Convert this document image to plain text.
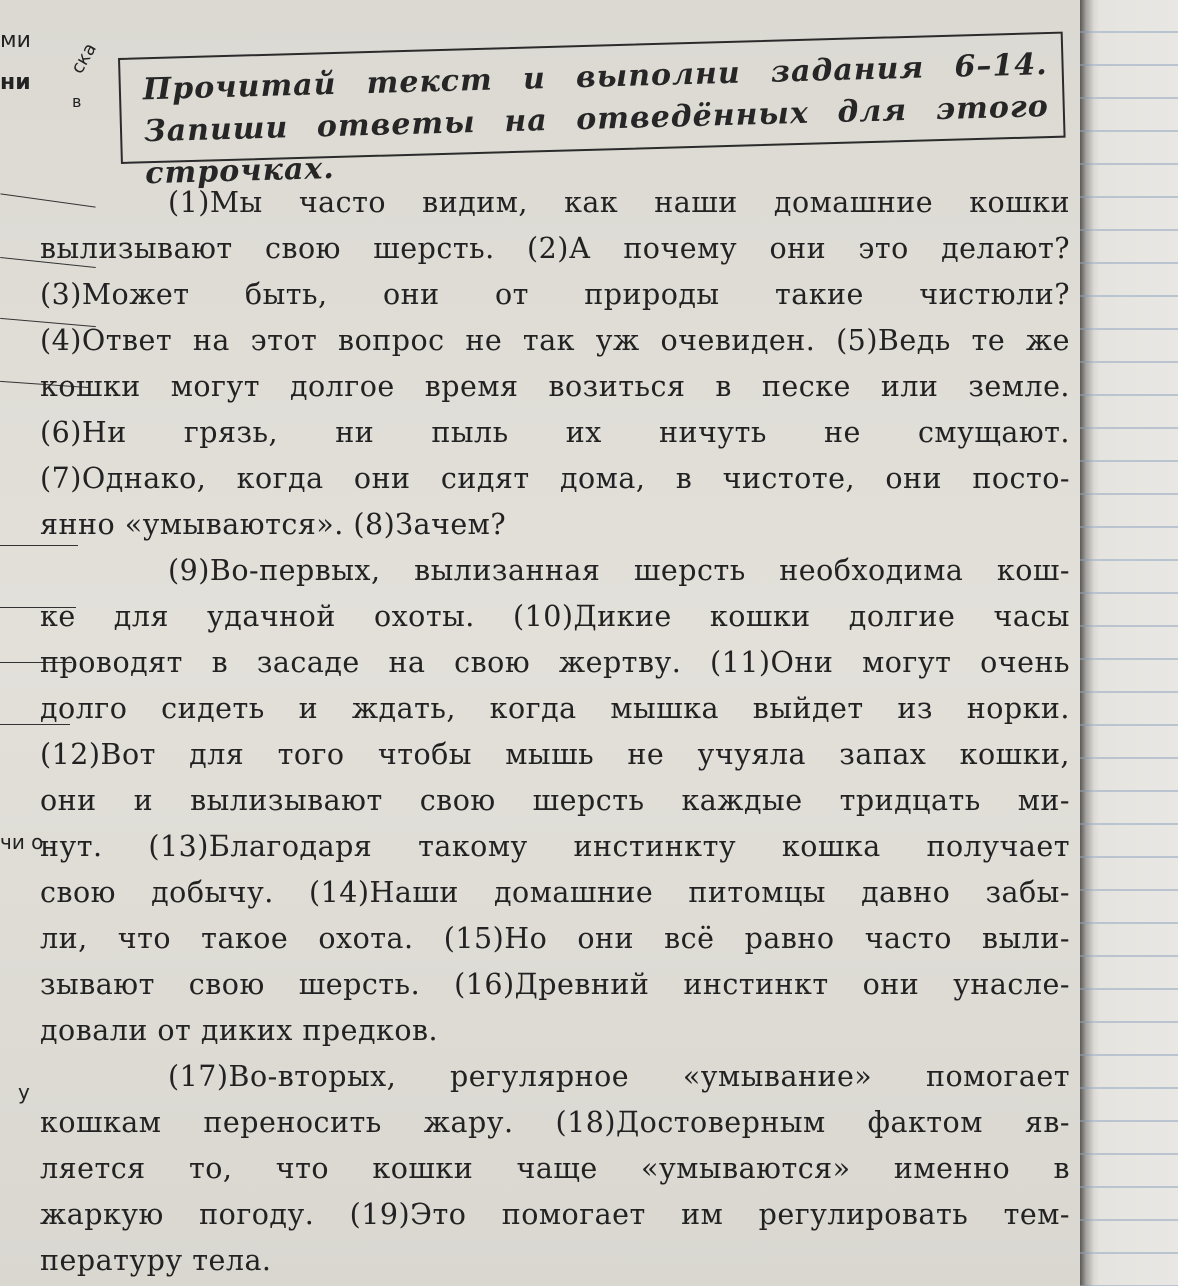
ми ска
ни
в
чи о
у
Прочитай текст и выполни задания 6–14. Запиши ответы на отведённых для этого строчках.
(1)Мы часто видим, как наши домашние кошки
вылизывают свою шерсть. (2)А почему они это делают?
(3)Может быть, они от природы такие чистюли?
(4)Ответ на этот вопрос не так уж очевиден. (5)Ведь те же
кошки могут долгое время возиться в песке или земле.
(6)Ни грязь, ни пыль их ничуть не смущают.
(7)Однако, когда они сидят дома, в чистоте, они посто-
янно «умываются». (8)Зачем?
(9)Во-первых, вылизанная шерсть необходима кош-
ке для удачной охоты. (10)Дикие кошки долгие часы
проводят в засаде на свою жертву. (11)Они могут очень
долго сидеть и ждать, когда мышка выйдет из норки.
(12)Вот для того чтобы мышь не учуяла запах кошки,
они и вылизывают свою шерсть каждые тридцать ми-
нут. (13)Благодаря такому инстинкту кошка получает
свою добычу. (14)Наши домашние питомцы давно забы-
ли, что такое охота. (15)Но они всё равно часто выли-
зывают свою шерсть. (16)Древний инстинкт они унасле-
довали от диких предков.
(17)Во-вторых, регулярное «умывание» помогает
кошкам переносить жару. (18)Достоверным фактом яв-
ляется то, что кошки чаще «умываются» именно в
жаркую погоду. (19)Это помогает им регулировать тем-
пературу тела.
